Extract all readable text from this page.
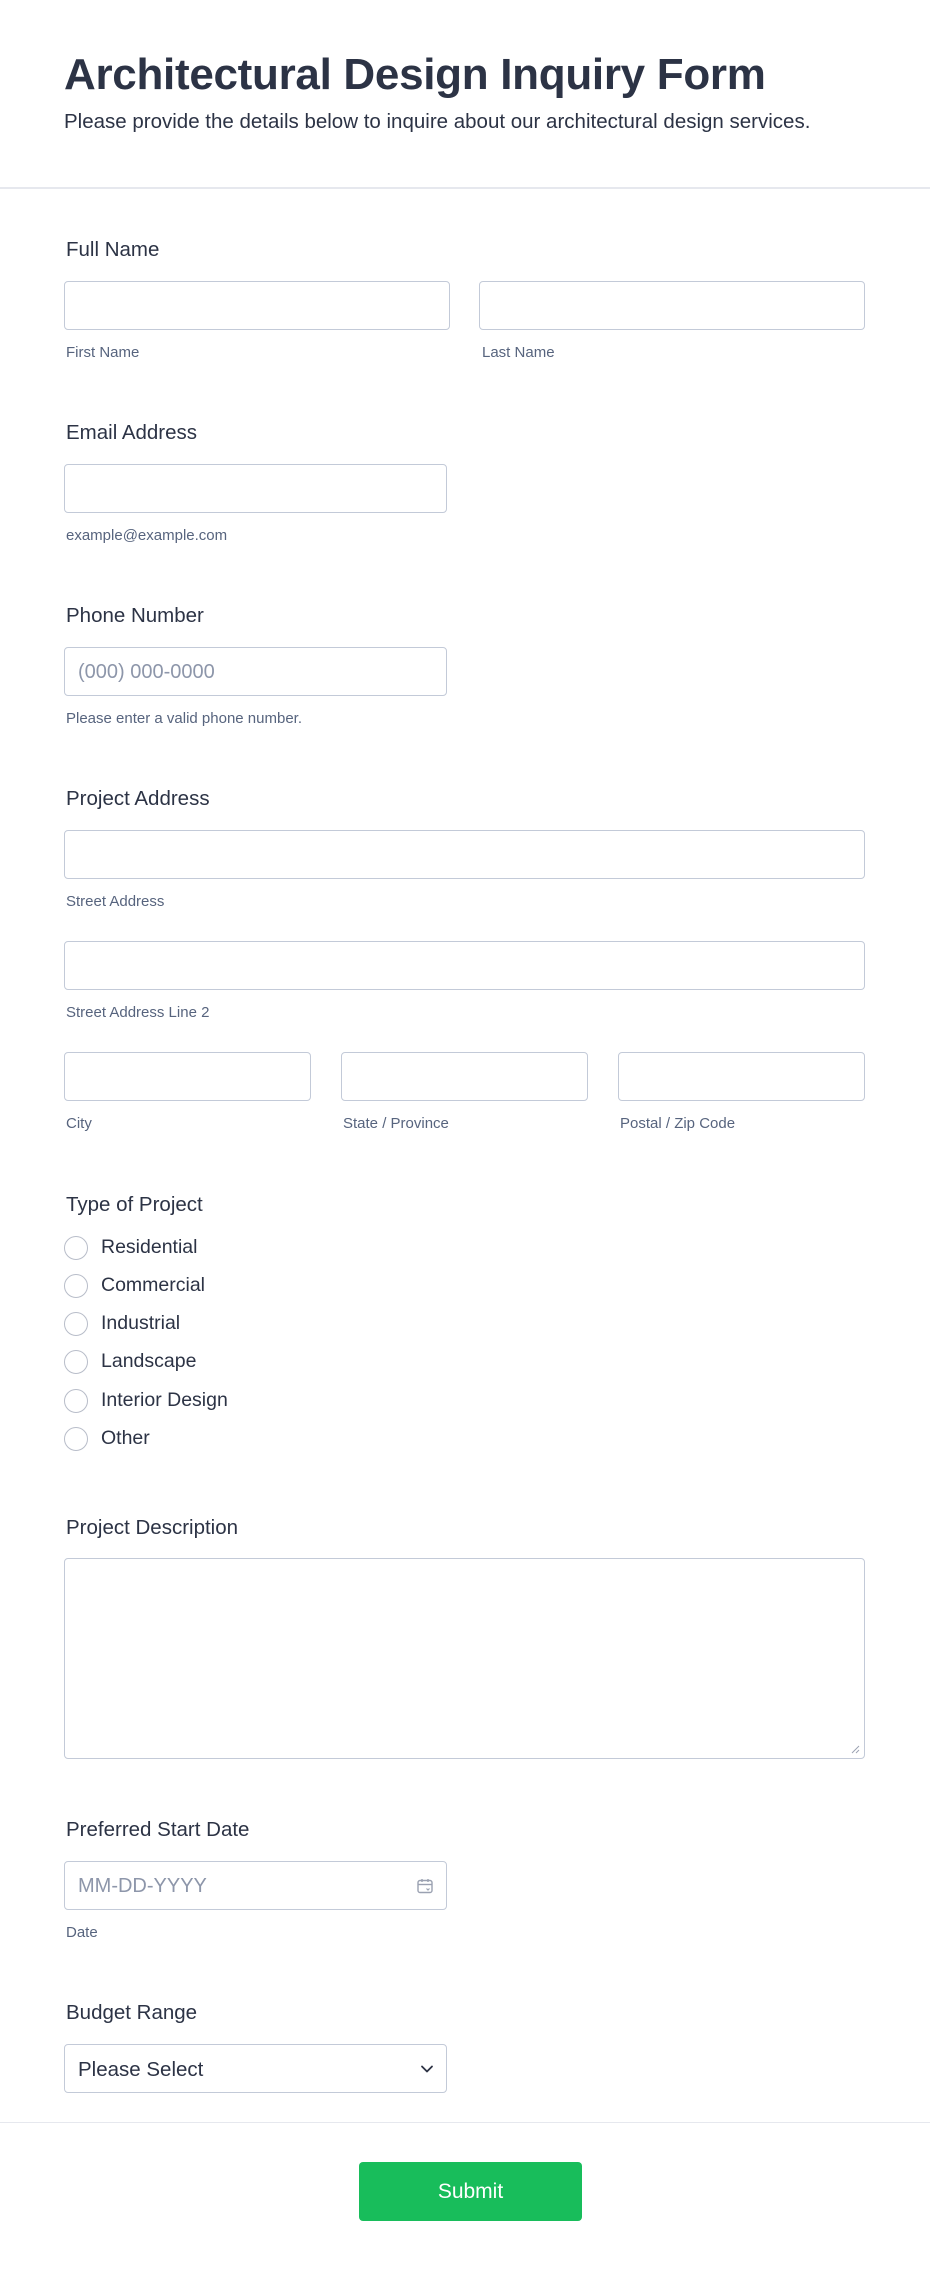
Architectural Design Inquiry Form
Please provide the details below to inquire about our architectural design services.
Full Name
First Name	Last Name
Email Address
example@example.com
Phone Number
(000) 000-0000
Please enter a valid phone number.
Project Address
Street Address
Street Address Line 2
City	State / Province	Postal / Zip Code
Type of Project
Residential
Commercial
Industrial
Landscape
Interior Design
Other
Project Description
Preferred Start Date
MM-DD-YYYY
Date
Budget Range
Please Select
Submit
